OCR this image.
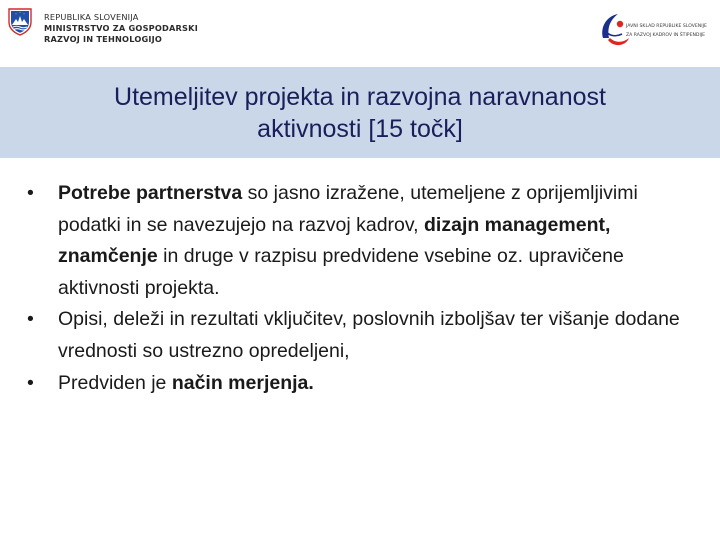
REPUBLIKA SLOVENIJA
MINISTRSTVO ZA GOSPODARSKI
RAZVOJ IN TEHNOLOGIJO
JAVNI SKLAD REPUBLIKE SLOVENIJE
ZA RAZVOJ KADROV IN ŠTIPENDIJE
Utemeljitev projekta in razvojna naravnanost
aktivnosti [15 točk]
•	Potrebe partnerstva so jasno izražene, utemeljene z oprijemljivimi podatki in se navezujejo na razvoj kadrov, dizajn management, znamčenje in druge v razpisu predvidene vsebine oz. upravičene aktivnosti projekta.
•	Opisi, deleži in rezultati vključitev, poslovnih izboljšav ter višanje dodane vrednosti so ustrezno opredeljeni,
•	Predviden je način merjenja.
